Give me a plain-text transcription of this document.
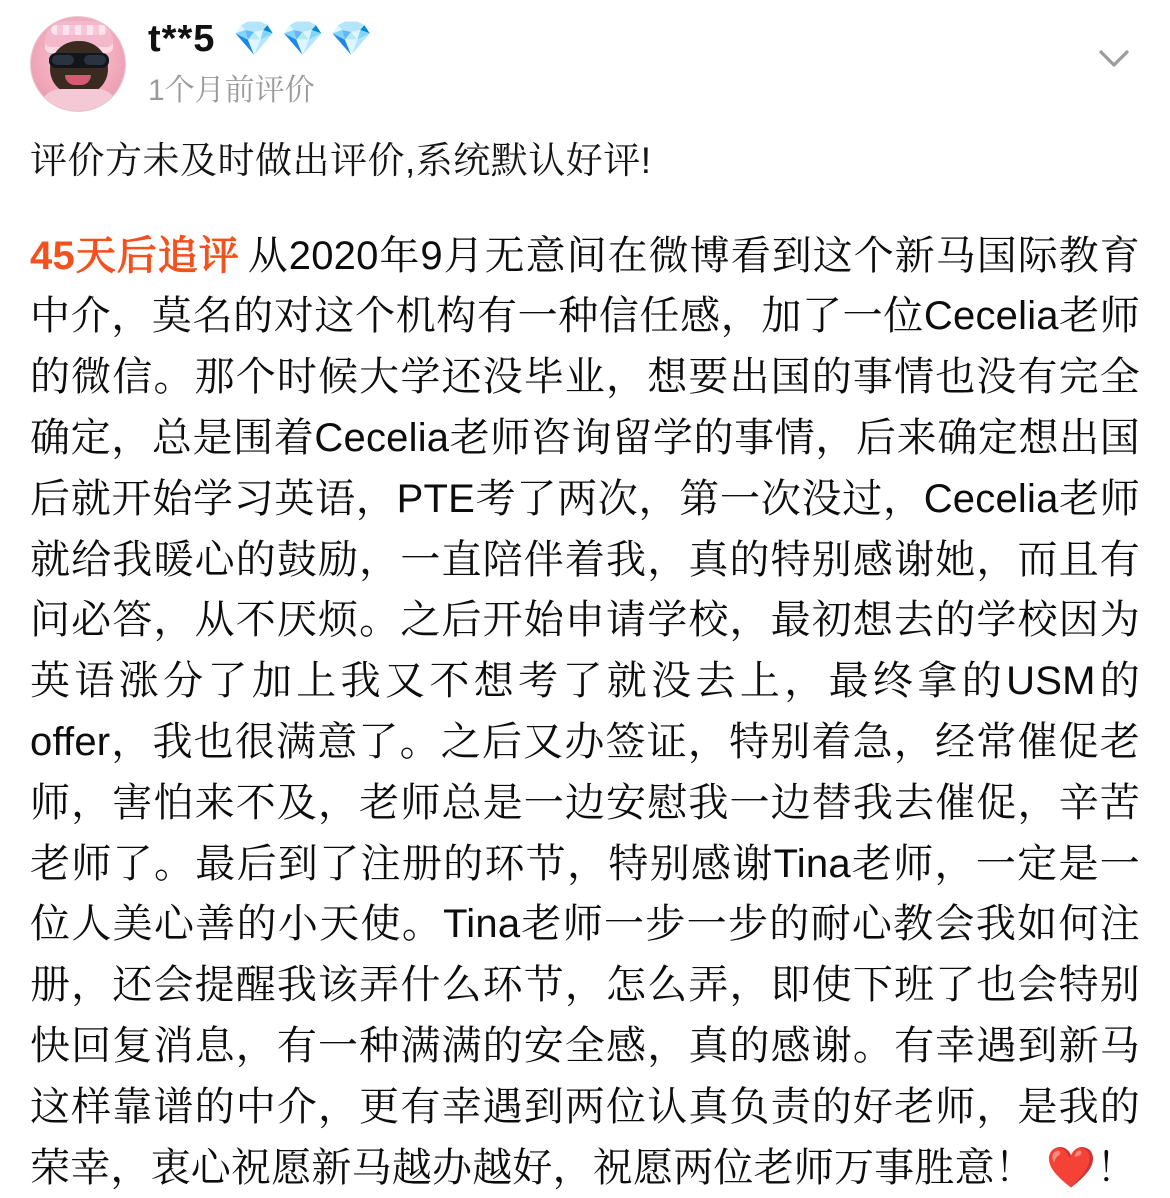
t**5 💎 💎 💎
1个月前评价
评价方未及时做出评价,系统默认好评!
45天后追评 从2020年9月无意间在微博看到这个新马国际教育中介，莫名的对这个机构有一种信任感，加了一位Cecelia老师的微信。那个时候大学还没毕业，想要出国的事情也没有完全确定，总是围着Cecelia老师咨询留学的事情，后来确定想出国后就开始学习英语，PTE考了两次，第一次没过，Cecelia老师就给我暖心的鼓励，一直陪伴着我，真的特别感谢她，而且有问必答，从不厌烦。之后开始申请学校，最初想去的学校因为英语涨分了加上我又不想考了就没去上，最终拿的USM的offer，我也很满意了。之后又办签证，特别着急，经常催促老师，害怕来不及，老师总是一边安慰我一边替我去催促，辛苦老师了。最后到了注册的环节，特别感谢Tina老师，一定是一位人美心善的小天使。Tina老师一步一步的耐心教会我如何注册，还会提醒我该弄什么环节，怎么弄，即使下班了也会特别快回复消息，有一种满满的安全感，真的感谢。有幸遇到新马这样靠谱的中介，更有幸遇到两位认真负责的好老师，是我的荣幸，衷心祝愿新马越办越好，祝愿两位老师万事胜意！ ❤️！
